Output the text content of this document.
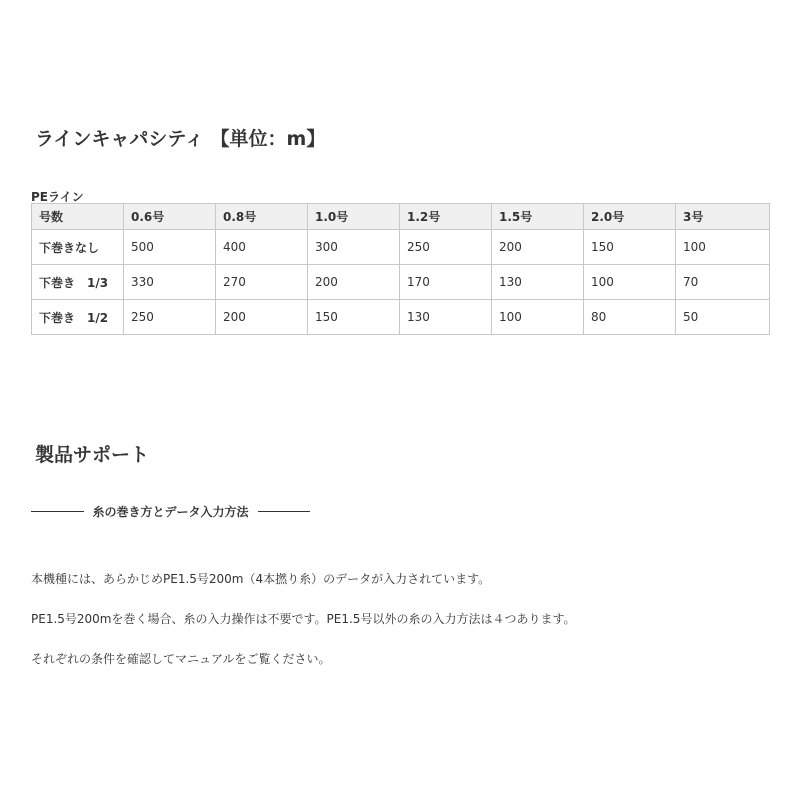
ラインキャパシティ 【単位：m】
PEライン
号数	0.6号	0.8号	1.0号	1.2号	1.5号	2.0号	3号
下巻きなし	500	400	300	250	200	150	100
下巻き　1/3	330	270	200	170	130	100	70
下巻き　1/2	250	200	150	130	100	80	50
製品サポート
糸の巻き方とデータ入力方法

本機種には、あらかじめPE1.5号200m（4本撚り糸）のデータが入力されています。

PE1.5号200mを巻く場合、糸の入力操作は不要です。PE1.5号以外の糸の入力方法は４つあります。

それぞれの条件を確認してマニュアルをご覧ください。
